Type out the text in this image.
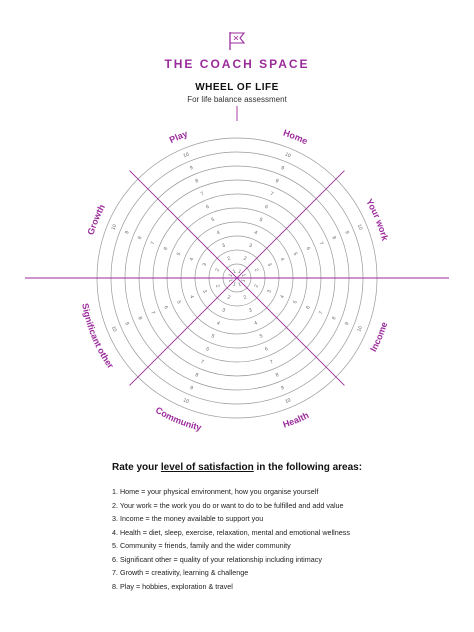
THE COACH SPACE
WHEEL OF LIFE
For life balance assessment
1
2
3
4
5
6
7
8
9
10
1
2
3
4
5
6
7
8
9
10
1
2
3
4
5
6
7
8
9
10
1
2
3
4
5
6
7
8
9
10
1
2
3
4
5
6
7
8
9
10
1
2
3
4
5
6
7
8
9
10
1
2
3
4
5
6
7
8
9
10
1
2
3
4
5
6
7
8
9
10
Home
Your work
Income
Health
Community
Significant other
Growth
Play
Rate your level of satisfaction in the following areas:
1. Home = your physical environment, how you organise yourself
2. Your work = the work you do or want to do to be fulfilled and add value
3. Income = the money available to support you
4. Health = diet, sleep, exercise, relaxation, mental and emotional wellness
5. Community = friends, family and the wider community
6. Significant other = quality of your relationship including intimacy
7. Growth = creativity, learning & challenge
8. Play = hobbies, exploration & travel
